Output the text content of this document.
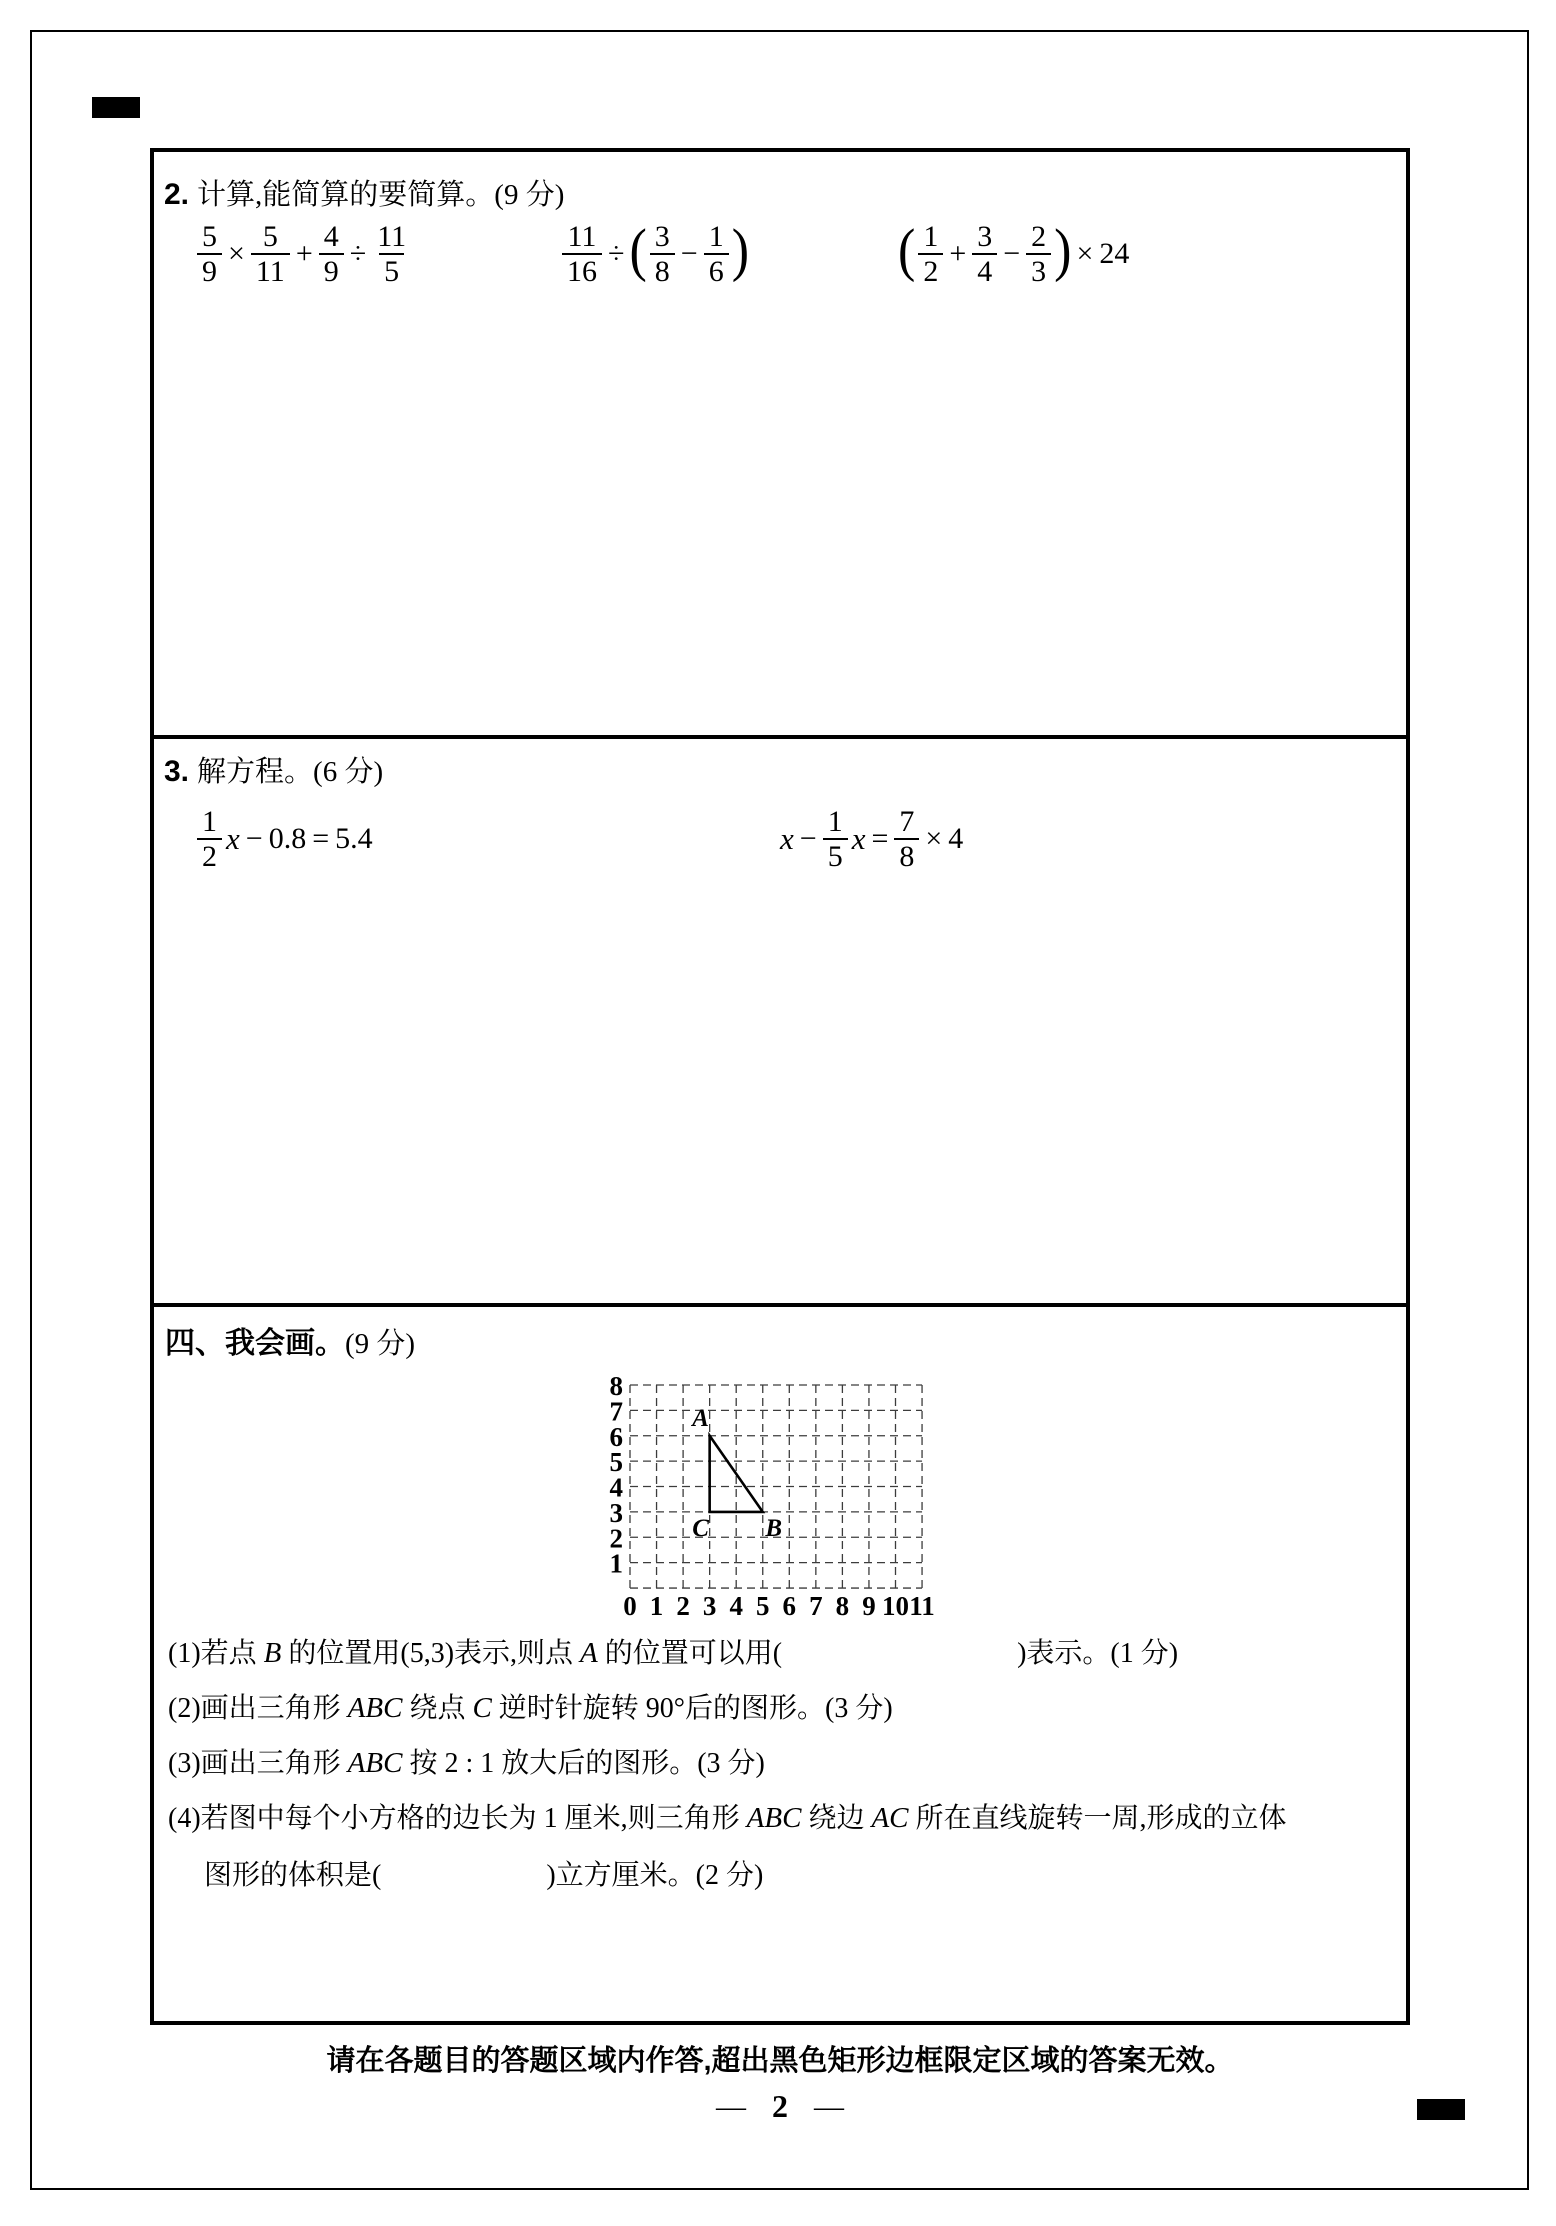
2. 计算,能简算的要简算。 (9 分)
$\frac{5}{9} \times \frac{5}{11} + \frac{4}{9} \div \frac{11}{5}$	$\frac{11}{16}$ ÷ ( $\frac{3}{8} - \frac{1}{6}$ )	( $\frac{1}{2} + \frac{3}{4} - \frac{2}{3}$ ) × 24
3. 解方程。 (6 分)
$\frac{1}{2}$ x − 0.8 = 5.4	$x - \frac{1}{5}$ $x = \frac{7}{8} \times 4$
四、我会画。 (9 分)
0 1 2 3 4 5 6 7 8 9 10 11
8
7
6
5
4
3
2
1
A
B
C
(1)若点 B 的位置用(5,3)表示,则点 A 的位置可以用(	)表示。(1 分)
(2)画出三角形 ABC 绕点 C 逆时针旋转 90°后的图形。(3 分)
(3)画出三角形 ABC 按 2 : 1 放大后的图形。(3 分)
(4)若图中每个小方格的边长为 1 厘米,则三角形 ABC 绕边 AC 所在直线旋转一周,形成的立体
图形的体积是(	)立方厘米。(2 分)
请在各题目的答题区域内作答,超出黑色矩形边框限定区域的答案无效。
— 2 —
